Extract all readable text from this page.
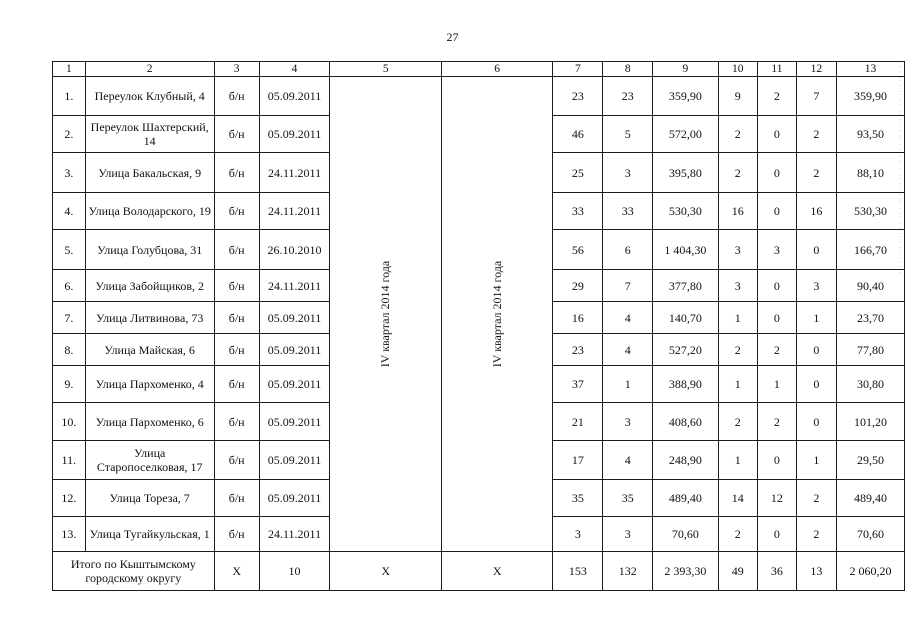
27
1	2	3	4	5	6	7	8	9	10	11	12	13
1.	Переулок Клубный, 4	б/н	05.09.2011	IV квартал 2014 года	IV квартал 2014 года	23	23	359,90	9	2	7	359,90
2.	Переулок Шахтерский, 14	б/н	05.09.2011			46	5	572,00	2	0	2	93,50
3.	Улица Бакальская, 9	б/н	24.11.2011			25	3	395,80	2	0	2	88,10
4.	Улица Володарского, 19	б/н	24.11.2011			33	33	530,30	16	0	16	530,30
5.	Улица Голубцова, 31	б/н	26.10.2010			56	6	1 404,30	3	3	0	166,70
6.	Улица Забойщиков, 2	б/н	24.11.2011			29	7	377,80	3	0	3	90,40
7.	Улица Литвинова, 73	б/н	05.09.2011			16	4	140,70	1	0	1	23,70
8.	Улица Майская, 6	б/н	05.09.2011			23	4	527,20	2	2	0	77,80
9.	Улица Пархоменко, 4	б/н	05.09.2011			37	1	388,90	1	1	0	30,80
10.	Улица Пархоменко, 6	б/н	05.09.2011			21	3	408,60	2	2	0	101,20
11.	Улица Старопоселковая, 17	б/н	05.09.2011			17	4	248,90	1	0	1	29,50
12.	Улица Тореза, 7	б/н	05.09.2011			35	35	489,40	14	12	2	489,40
13.	Улица Тугайкульская, 1	б/н	24.11.2011			3	3	70,60	2	0	2	70,60
Итого по Кыштымскому городскому округу		Х	10	Х	Х	153	132	2 393,30	49	36	13	2 060,20
· · · ·· · ·· · · ·· · · · ·· · · · ·· · ·· · · · ·· · ·· · · ·· · · · ·· · ·
